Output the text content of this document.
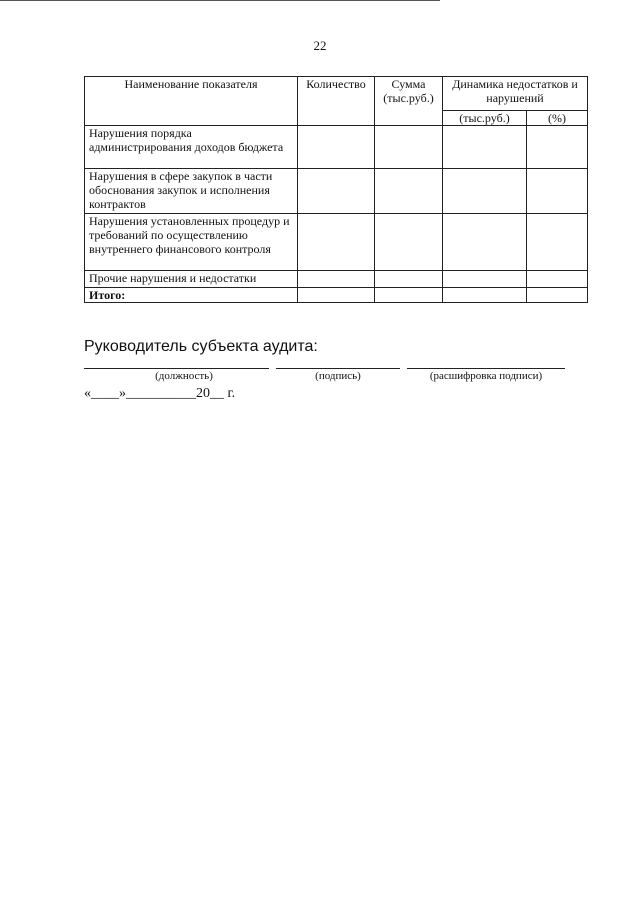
22
Наименование показателя	Количество	Сумма (тыс.руб.)	Динамика недостатков и нарушений	
			(тыс.руб.)	(%)
Нарушения порядка администрирования доходов бюджета				
Нарушения в сфере закупок в части обоснования закупок и исполнения контрактов				
Нарушения установленных процедур и требований по осуществлению внутреннего финансового контроля				
Прочие нарушения и недостатки				
Итого:				
Руководитель субъекта аудита:
(должность)	(подпись)	(расшифровка подписи)
«____»__________20__ г.
